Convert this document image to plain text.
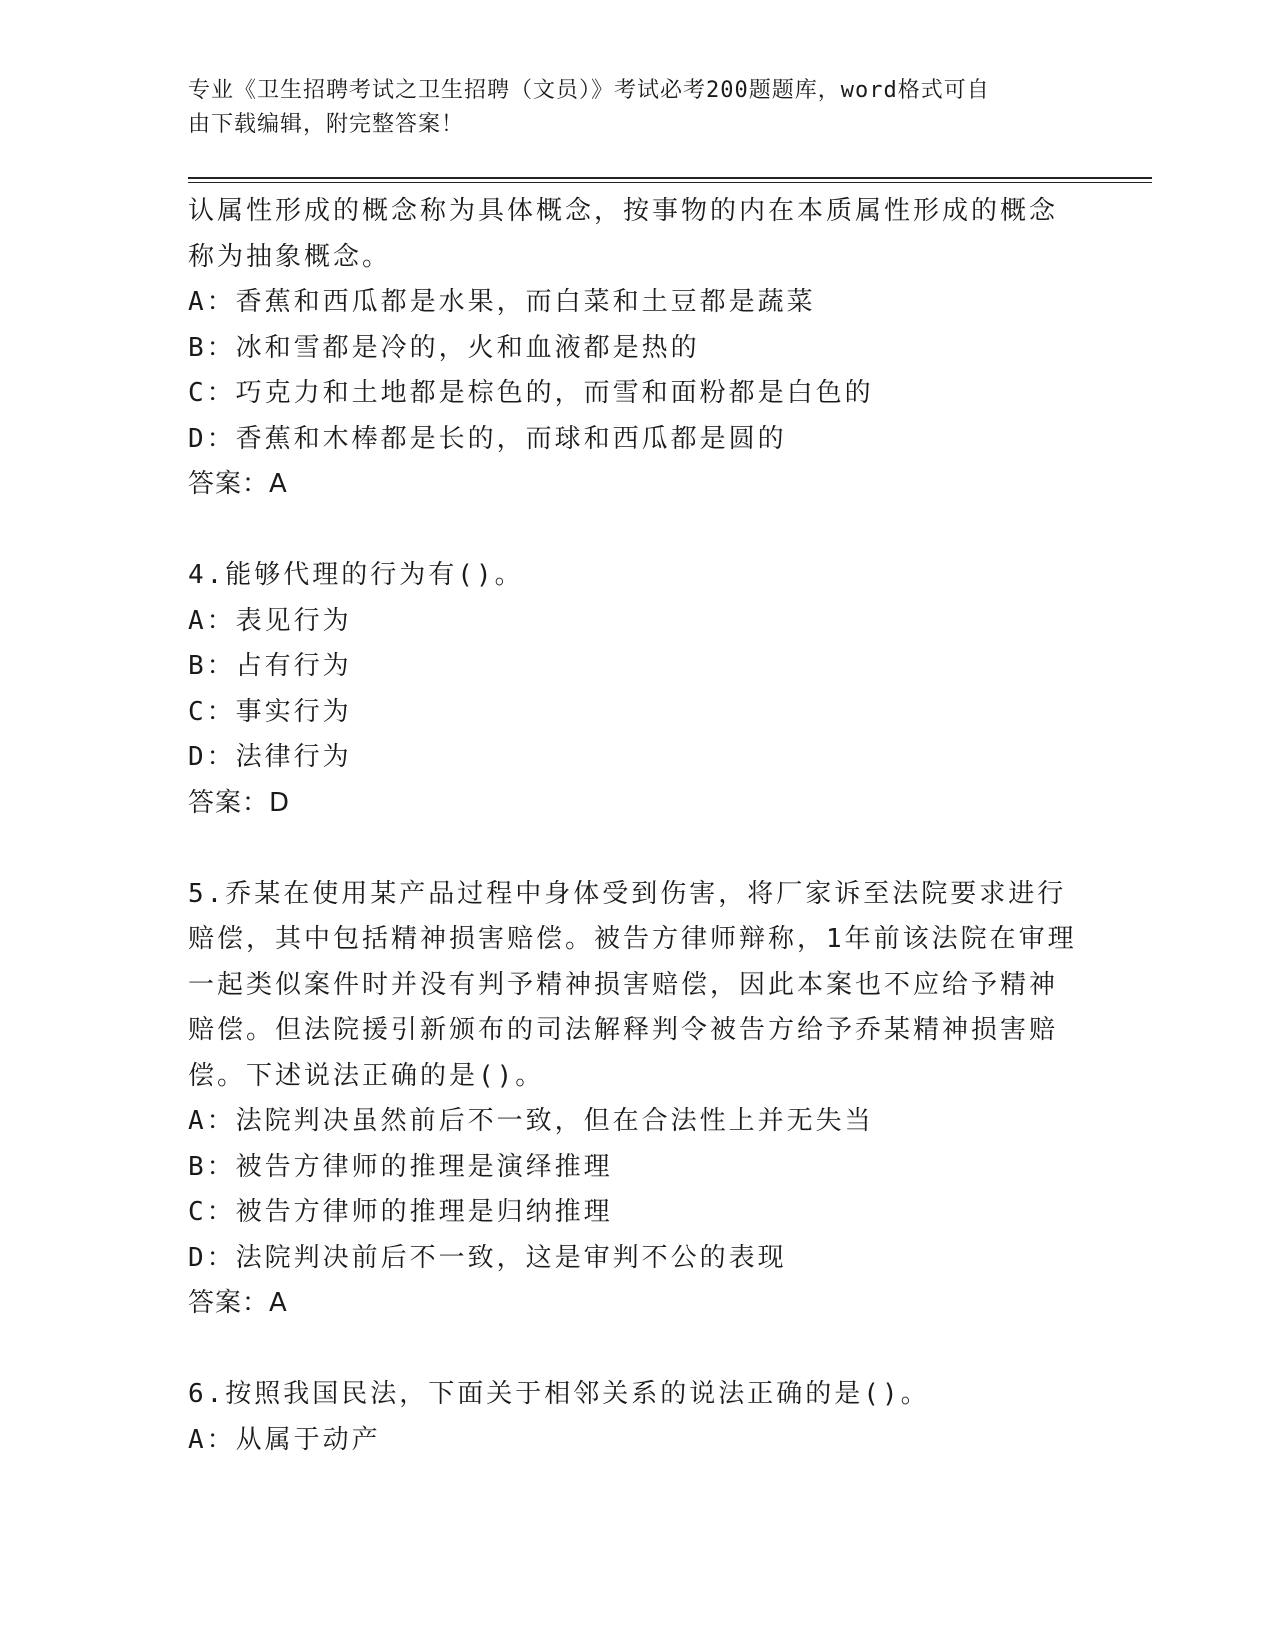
专业《卫生招聘考试之卫生招聘（文员）》考试必考200题题库，word格式可自
由下载编辑，附完整答案！
认属性形成的概念称为具体概念，按事物的内在本质属性形成的概念
称为抽象概念。
A：香蕉和西瓜都是水果，而白菜和土豆都是蔬菜
B：冰和雪都是冷的，火和血液都是热的
C：巧克力和土地都是棕色的，而雪和面粉都是白色的
D：香蕉和木棒都是长的，而球和西瓜都是圆的
答案：A
4.能够代理的行为有()。
A：表见行为
B：占有行为
C：事实行为
D：法律行为
答案：D
5.乔某在使用某产品过程中身体受到伤害，将厂家诉至法院要求进行
赔偿，其中包括精神损害赔偿。被告方律师辩称，1年前该法院在审理
一起类似案件时并没有判予精神损害赔偿，因此本案也不应给予精神
赔偿。但法院援引新颁布的司法解释判令被告方给予乔某精神损害赔
偿。下述说法正确的是()。
A：法院判决虽然前后不一致，但在合法性上并无失当
B：被告方律师的推理是演绎推理
C：被告方律师的推理是归纳推理
D：法院判决前后不一致，这是审判不公的表现
答案：A
6.按照我国民法，下面关于相邻关系的说法正确的是()。
A：从属于动产
